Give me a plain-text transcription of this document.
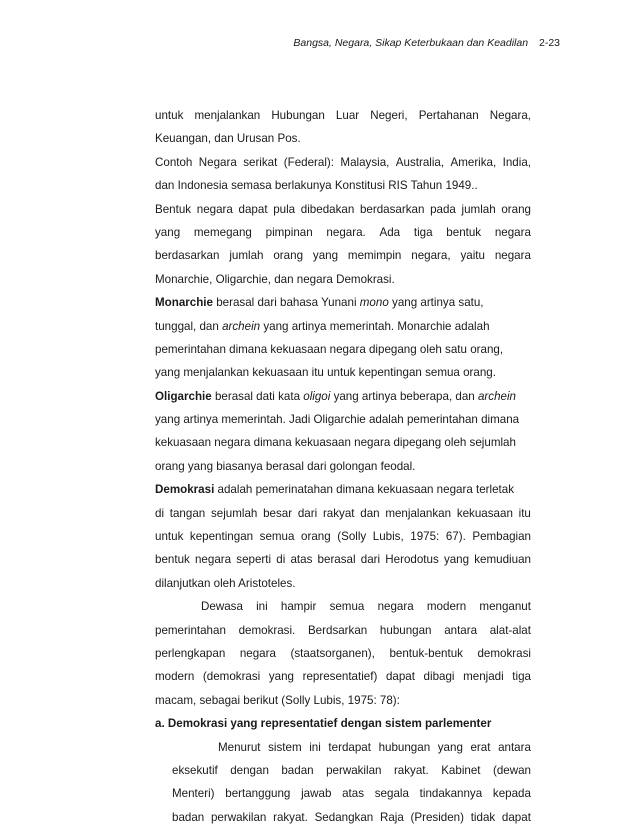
Bangsa, Negara, Sikap Keterbukaan dan Keadilan 2-23
untuk menjalankan Hubungan Luar Negeri, Pertahanan Negara,
Keuangan, dan Urusan Pos.
Contoh Negara serikat (Federal): Malaysia, Australia, Amerika, India,
dan Indonesia semasa berlakunya Konstitusi RIS Tahun 1949..
Bentuk negara dapat pula dibedakan berdasarkan pada jumlah orang
yang memegang pimpinan negara. Ada tiga bentuk negara
berdasarkan jumlah orang yang memimpin negara, yaitu negara
Monarchie, Oligarchie, dan negara Demokrasi.
Monarchie berasal dari bahasa Yunani mono yang artinya satu,
tunggal, dan archein yang artinya memerintah. Monarchie adalah
pemerintahan dimana kekuasaan negara dipegang oleh satu orang,
yang menjalankan kekuasaan itu untuk kepentingan semua orang.
Oligarchie berasal dati kata oligoi yang artinya beberapa, dan archein
yang artinya memerintah. Jadi Oligarchie adalah pemerintahan dimana
kekuasaan negara dimana kekuasaan negara dipegang oleh sejumlah
orang yang biasanya berasal dari golongan feodal.
Demokrasi adalah pemerinatahan dimana kekuasaan negara terletak
di tangan sejumlah besar dari rakyat dan menjalankan kekuasaan itu
untuk kepentingan semua orang (Solly Lubis, 1975: 67). Pembagian
bentuk negara seperti di atas berasal dari Herodotus yang kemudiuan
dilanjutkan oleh Aristoteles.
Dewasa ini hampir semua negara modern menganut
pemerintahan demokrasi. Berdsarkan hubungan antara alat-alat
perlengkapan negara (staatsorganen), bentuk-bentuk demokrasi
modern (demokrasi yang representatief) dapat dibagi menjadi tiga
macam, sebagai berikut (Solly Lubis, 1975: 78):
a. Demokrasi yang representatief dengan sistem parlementer
Menurut sistem ini terdapat hubungan yang erat antara
eksekutif dengan badan perwakilan rakyat. Kabinet (dewan
Menteri) bertanggung jawab atas segala tindakannya kepada
badan perwakilan rakyat. Sedangkan Raja (Presiden) tidak dapat
